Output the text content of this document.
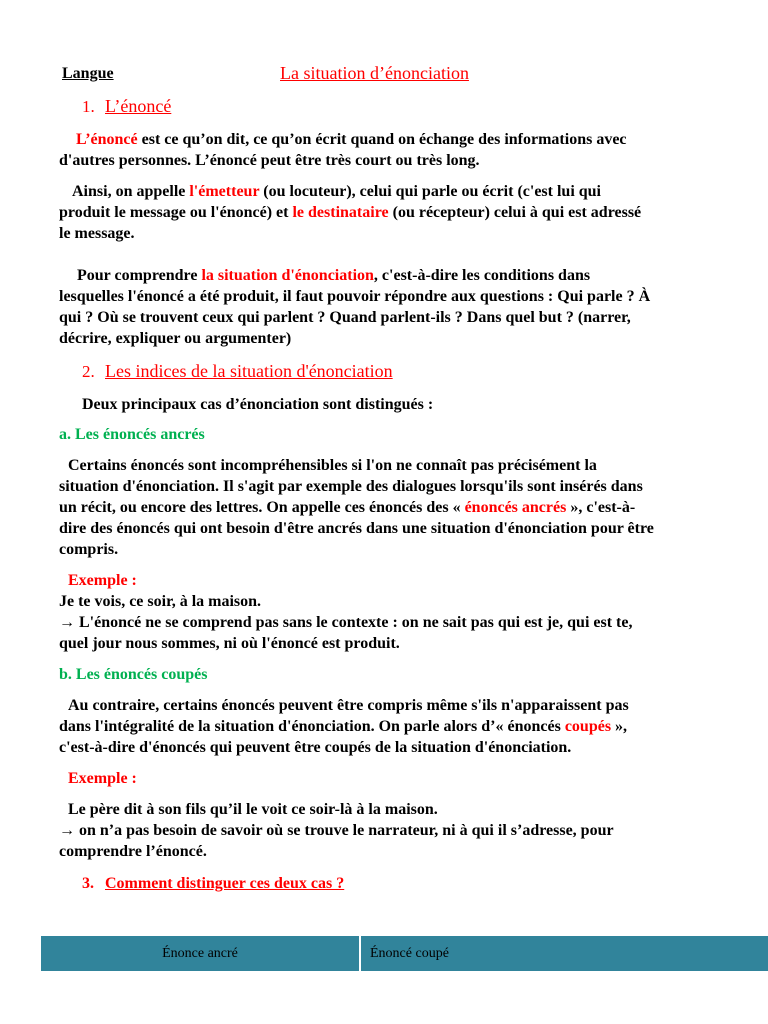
Langue	La situation d’énonciation
1. L’énoncé

L’énoncé est ce qu’on dit, ce qu’on écrit quand on échange des informations avec
d'autres personnes. L’énoncé peut être très court ou très long.

Ainsi, on appelle l'émetteur (ou locuteur), celui qui parle ou écrit (c'est lui qui
produit le message ou l'énoncé) et le destinataire (ou récepteur) celui à qui est adressé
le message.

Pour comprendre la situation d'énonciation, c'est-à-dire les conditions dans
lesquelles l'énoncé a été produit, il faut pouvoir répondre aux questions : Qui parle ? À
qui ? Où se trouvent ceux qui parlent ? Quand parlent-ils ? Dans quel but ? (narrer,
décrire, expliquer ou argumenter)

2. Les indices de la situation d'énonciation
Deux principaux cas d’énonciation sont distingués :
a. Les énoncés ancrés

Certains énoncés sont incompréhensibles si l'on ne connaît pas précisément la
situation d'énonciation. Il s'agit par exemple des dialogues lorsqu'ils sont insérés dans
un récit, ou encore des lettres. On appelle ces énoncés des « énoncés ancrés », c'est-à-
dire des énoncés qui ont besoin d'être ancrés dans une situation d'énonciation pour être
compris.

Exemple :

Je te vois, ce soir, à la maison.
→ L'énoncé ne se comprend pas sans le contexte : on ne sait pas qui est je, qui est te,
quel jour nous sommes, ni où l'énoncé est produit.

b. Les énoncés coupés

Au contraire, certains énoncés peuvent être compris même s'ils n'apparaissent pas
dans l'intégralité de la situation d'énonciation. On parle alors d’« énoncés coupés »,
c'est-à-dire d'énoncés qui peuvent être coupés de la situation d'énonciation.

Exemple :

Le père dit à son fils qu’il le voit ce soir-là à la maison.
→ on n’a pas besoin de savoir où se trouve le narrateur, ni à qui il s’adresse, pour
comprendre l’énoncé.

3. Comment distinguer ces deux cas ?
Énonce ancré	Énoncé coupé
